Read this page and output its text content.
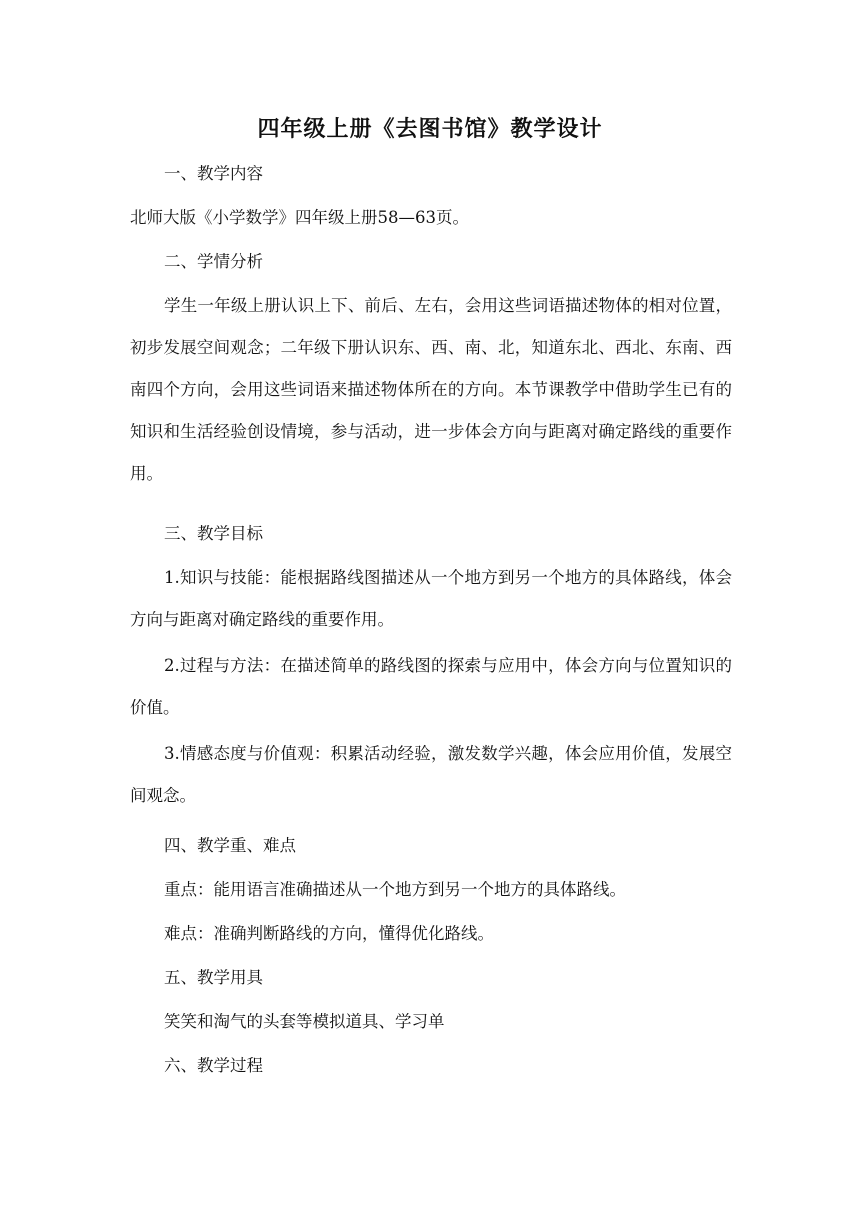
四年级上册《去图书馆》教学设计

一、教学内容

北师大版《小学数学》四年级上册58—63页。

二、学情分析

学生一年级上册认识上下、前后、左右，会用这些词语描述物体的相对位置，初步发展空间观念；二年级下册认识东、西、南、北，知道东北、西北、东南、西南四个方向，会用这些词语来描述物体所在的方向。本节课教学中借助学生已有的知识和生活经验创设情境，参与活动，进一步体会方向与距离对确定路线的重要作用。

三、教学目标

1.知识与技能：能根据路线图描述从一个地方到另一个地方的具体路线，体会方向与距离对确定路线的重要作用。

2.过程与方法：在描述简单的路线图的探索与应用中，体会方向与位置知识的价值。

3.情感态度与价值观：积累活动经验，激发数学兴趣，体会应用价值，发展空间观念。

四、教学重、难点

重点：能用语言准确描述从一个地方到另一个地方的具体路线。

难点：准确判断路线的方向，懂得优化路线。

五、教学用具

笑笑和淘气的头套等模拟道具、学习单

六、教学过程
